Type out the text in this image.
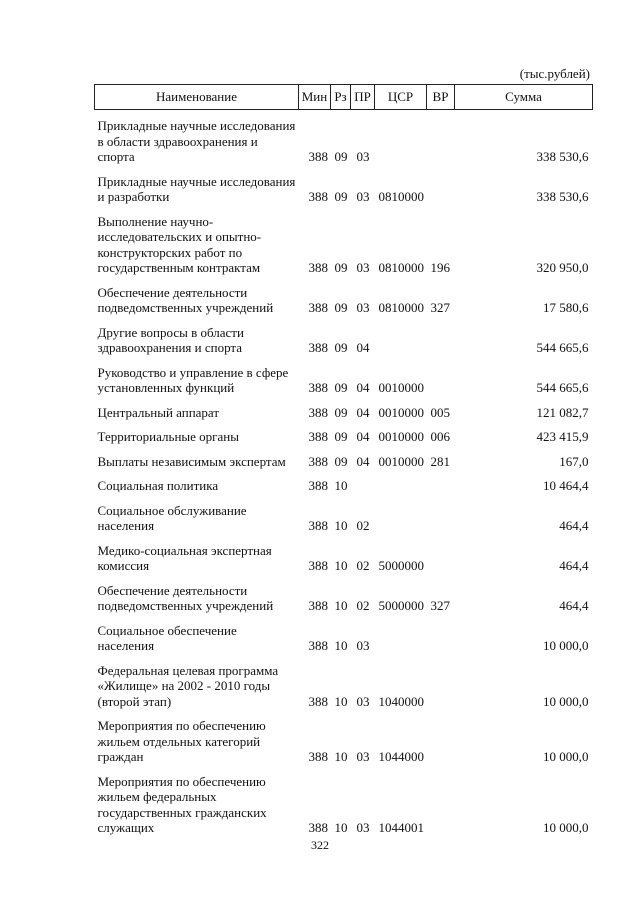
(тыс.рублей)
Наименование	Мин	Рз	ПР	ЦСР	ВР	Сумма
Прикладные научные исследования в области здравоохранения и спорта	388	09	03			338 530,6
Прикладные научные исследования и разработки	388	09	03	0810000		338 530,6
Выполнение научно-исследовательских и опытно-конструкторских работ по государственным контрактам	388	09	03	0810000	196	320 950,0
Обеспечение деятельности подведомственных учреждений	388	09	03	0810000	327	17 580,6
Другие вопросы в области здравоохранения и спорта	388	09	04			544 665,6
Руководство и управление в сфере установленных функций	388	09	04	0010000		544 665,6
Центральный аппарат	388	09	04	0010000	005	121 082,7
Территориальные органы	388	09	04	0010000	006	423 415,9
Выплаты независимым экспертам	388	09	04	0010000	281	167,0
Социальная политика	388	10				10 464,4
Социальное обслуживание населения	388	10	02			464,4
Медико-социальная экспертная комиссия	388	10	02	5000000		464,4
Обеспечение деятельности подведомственных учреждений	388	10	02	5000000	327	464,4
Социальное обеспечение населения	388	10	03			10 000,0
Федеральная целевая программа «Жилище» на 2002 - 2010 годы (второй этап)	388	10	03	1040000		10 000,0
Мероприятия по обеспечению жильем отдельных категорий граждан	388	10	03	1044000		10 000,0
Мероприятия по обеспечению жильем федеральных государственных гражданских служащих	388	10	03	1044001		10 000,0
322
